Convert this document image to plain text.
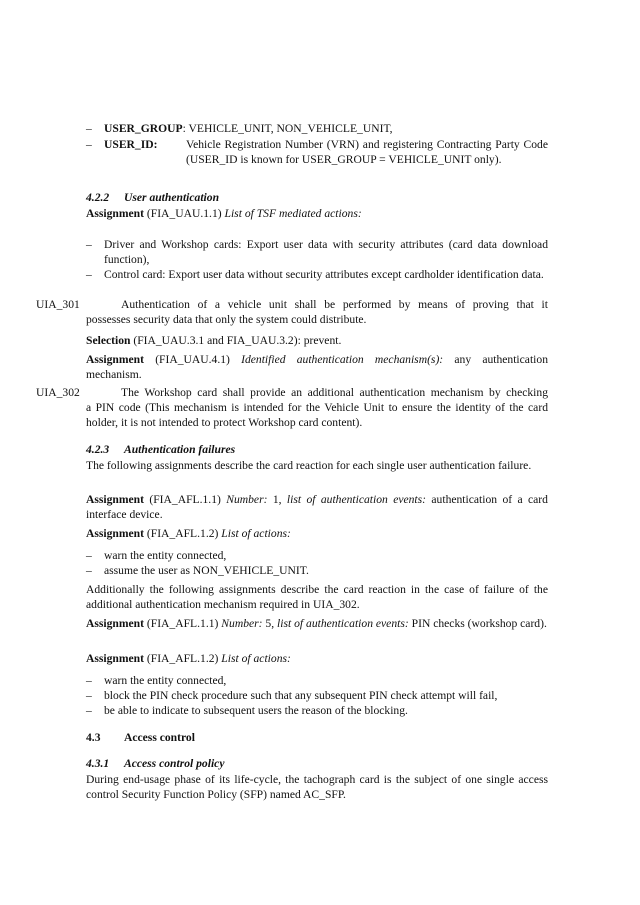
– USER_GROUP: VEHICLE_UNIT, NON_VEHICLE_UNIT,
– USER_ID:	Vehicle Registration Number (VRN) and registering Contracting Party Code (USER_ID is known for USER_GROUP = VEHICLE_UNIT only).
4.2.2 User authentication
Assignment (FIA_UAU.1.1) List of TSF mediated actions:
– Driver and Workshop cards: Export user data with security attributes (card data download function),
– Control card: Export user data without security attributes except cardholder identification data.
UIA_301	Authentication of a vehicle unit shall be performed by means of proving that it
possesses security data that only the system could distribute.
Selection (FIA_UAU.3.1 and FIA_UAU.3.2): prevent.
Assignment (FIA_UAU.4.1) Identified authentication mechanism(s): any authentication mechanism.
UIA_302	The Workshop card shall provide an additional authentication mechanism by checking
a PIN code (This mechanism is intended for the Vehicle Unit to ensure the identity of the card holder, it is not intended to protect Workshop card content).
4.2.3 Authentication failures
The following assignments describe the card reaction for each single user authentication failure.
Assignment (FIA_AFL.1.1) Number: 1, list of authentication events: authentication of a card interface device.
Assignment (FIA_AFL.1.2) List of actions:
– warn the entity connected,
– assume the user as NON_VEHICLE_UNIT.
Additionally the following assignments describe the card reaction in the case of failure of the additional authentication mechanism required in UIA_302.
Assignment (FIA_AFL.1.1) Number: 5, list of authentication events: PIN checks (workshop card).
Assignment (FIA_AFL.1.2) List of actions:
– warn the entity connected,
– block the PIN check procedure such that any subsequent PIN check attempt will fail,
– be able to indicate to subsequent users the reason of the blocking.
4.3 Access control
4.3.1 Access control policy
During end-usage phase of its life-cycle, the tachograph card is the subject of one single access control Security Function Policy (SFP) named AC_SFP.
